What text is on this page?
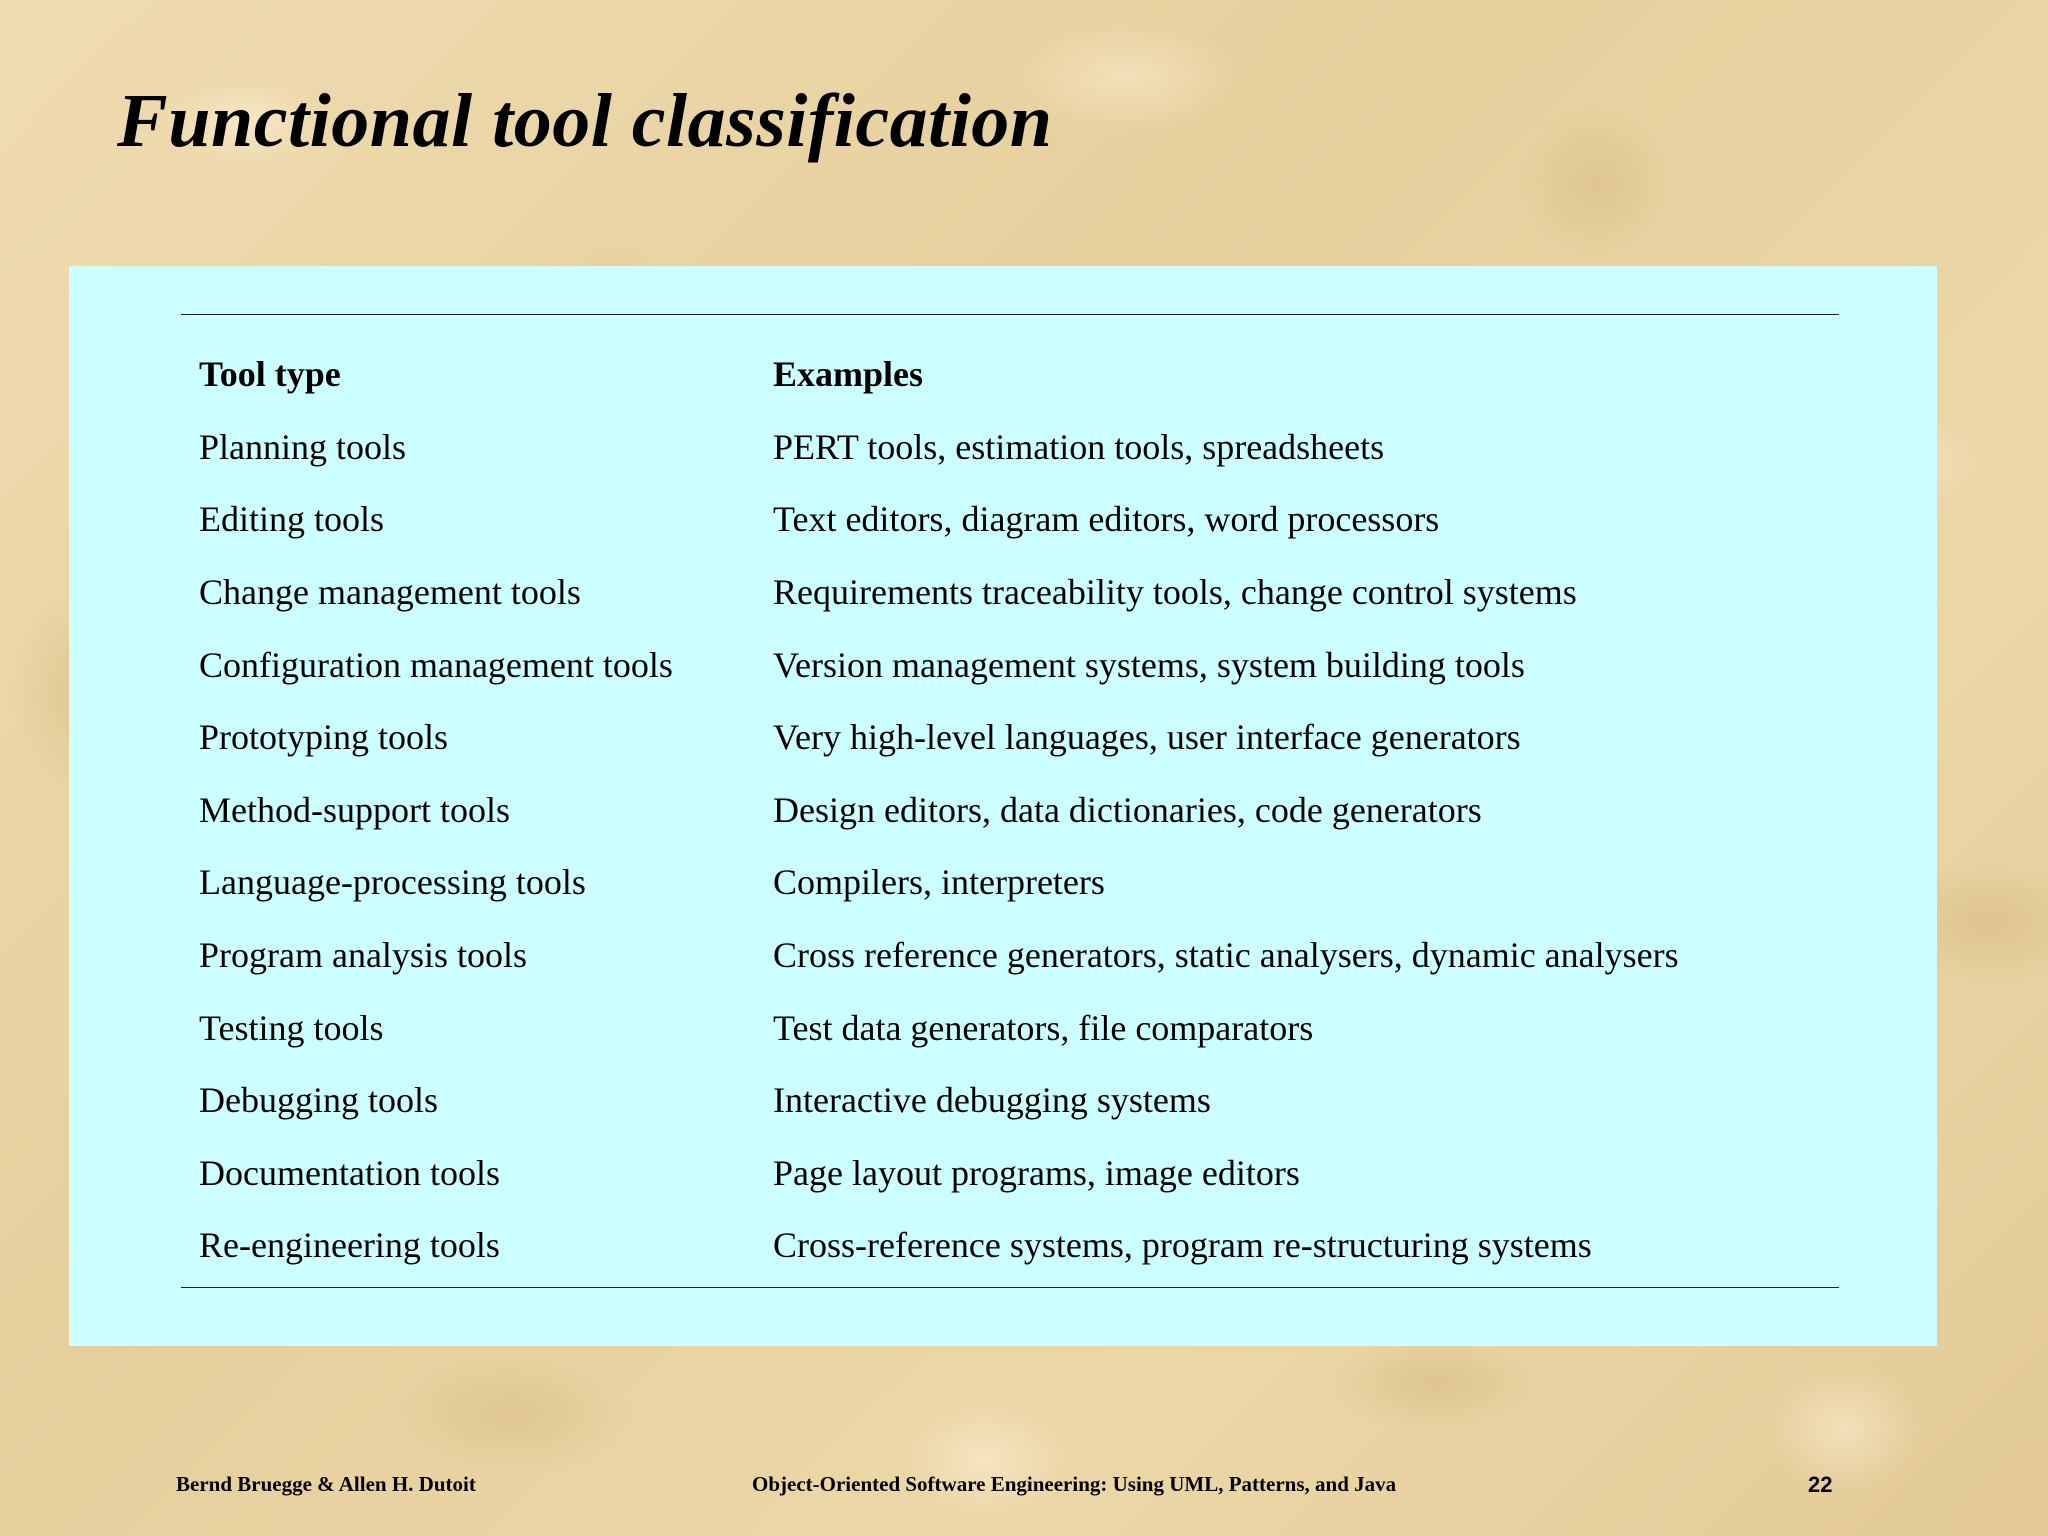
Functional tool classification
Tool type	Examples
Planning tools	PERT tools, estimation tools, spreadsheets
Editing tools	Text editors, diagram editors, word processors
Change management tools	Requirements traceability tools, change control systems
Configuration management tools	Version management systems, system building tools
Prototyping tools	Very high-level languages, user interface generators
Method-support tools	Design editors, data dictionaries, code generators
Language-processing tools	Compilers, interpreters
Program analysis tools	Cross reference generators, static analysers, dynamic analysers
Testing tools	Test data generators, file comparators
Debugging tools	Interactive debugging systems
Documentation tools	Page layout programs, image editors
Re-engineering tools	Cross-reference systems, program re-structuring systems
Bernd Bruegge & Allen H. Dutoit	Object-Oriented Software Engineering: Using UML, Patterns, and Java	22
